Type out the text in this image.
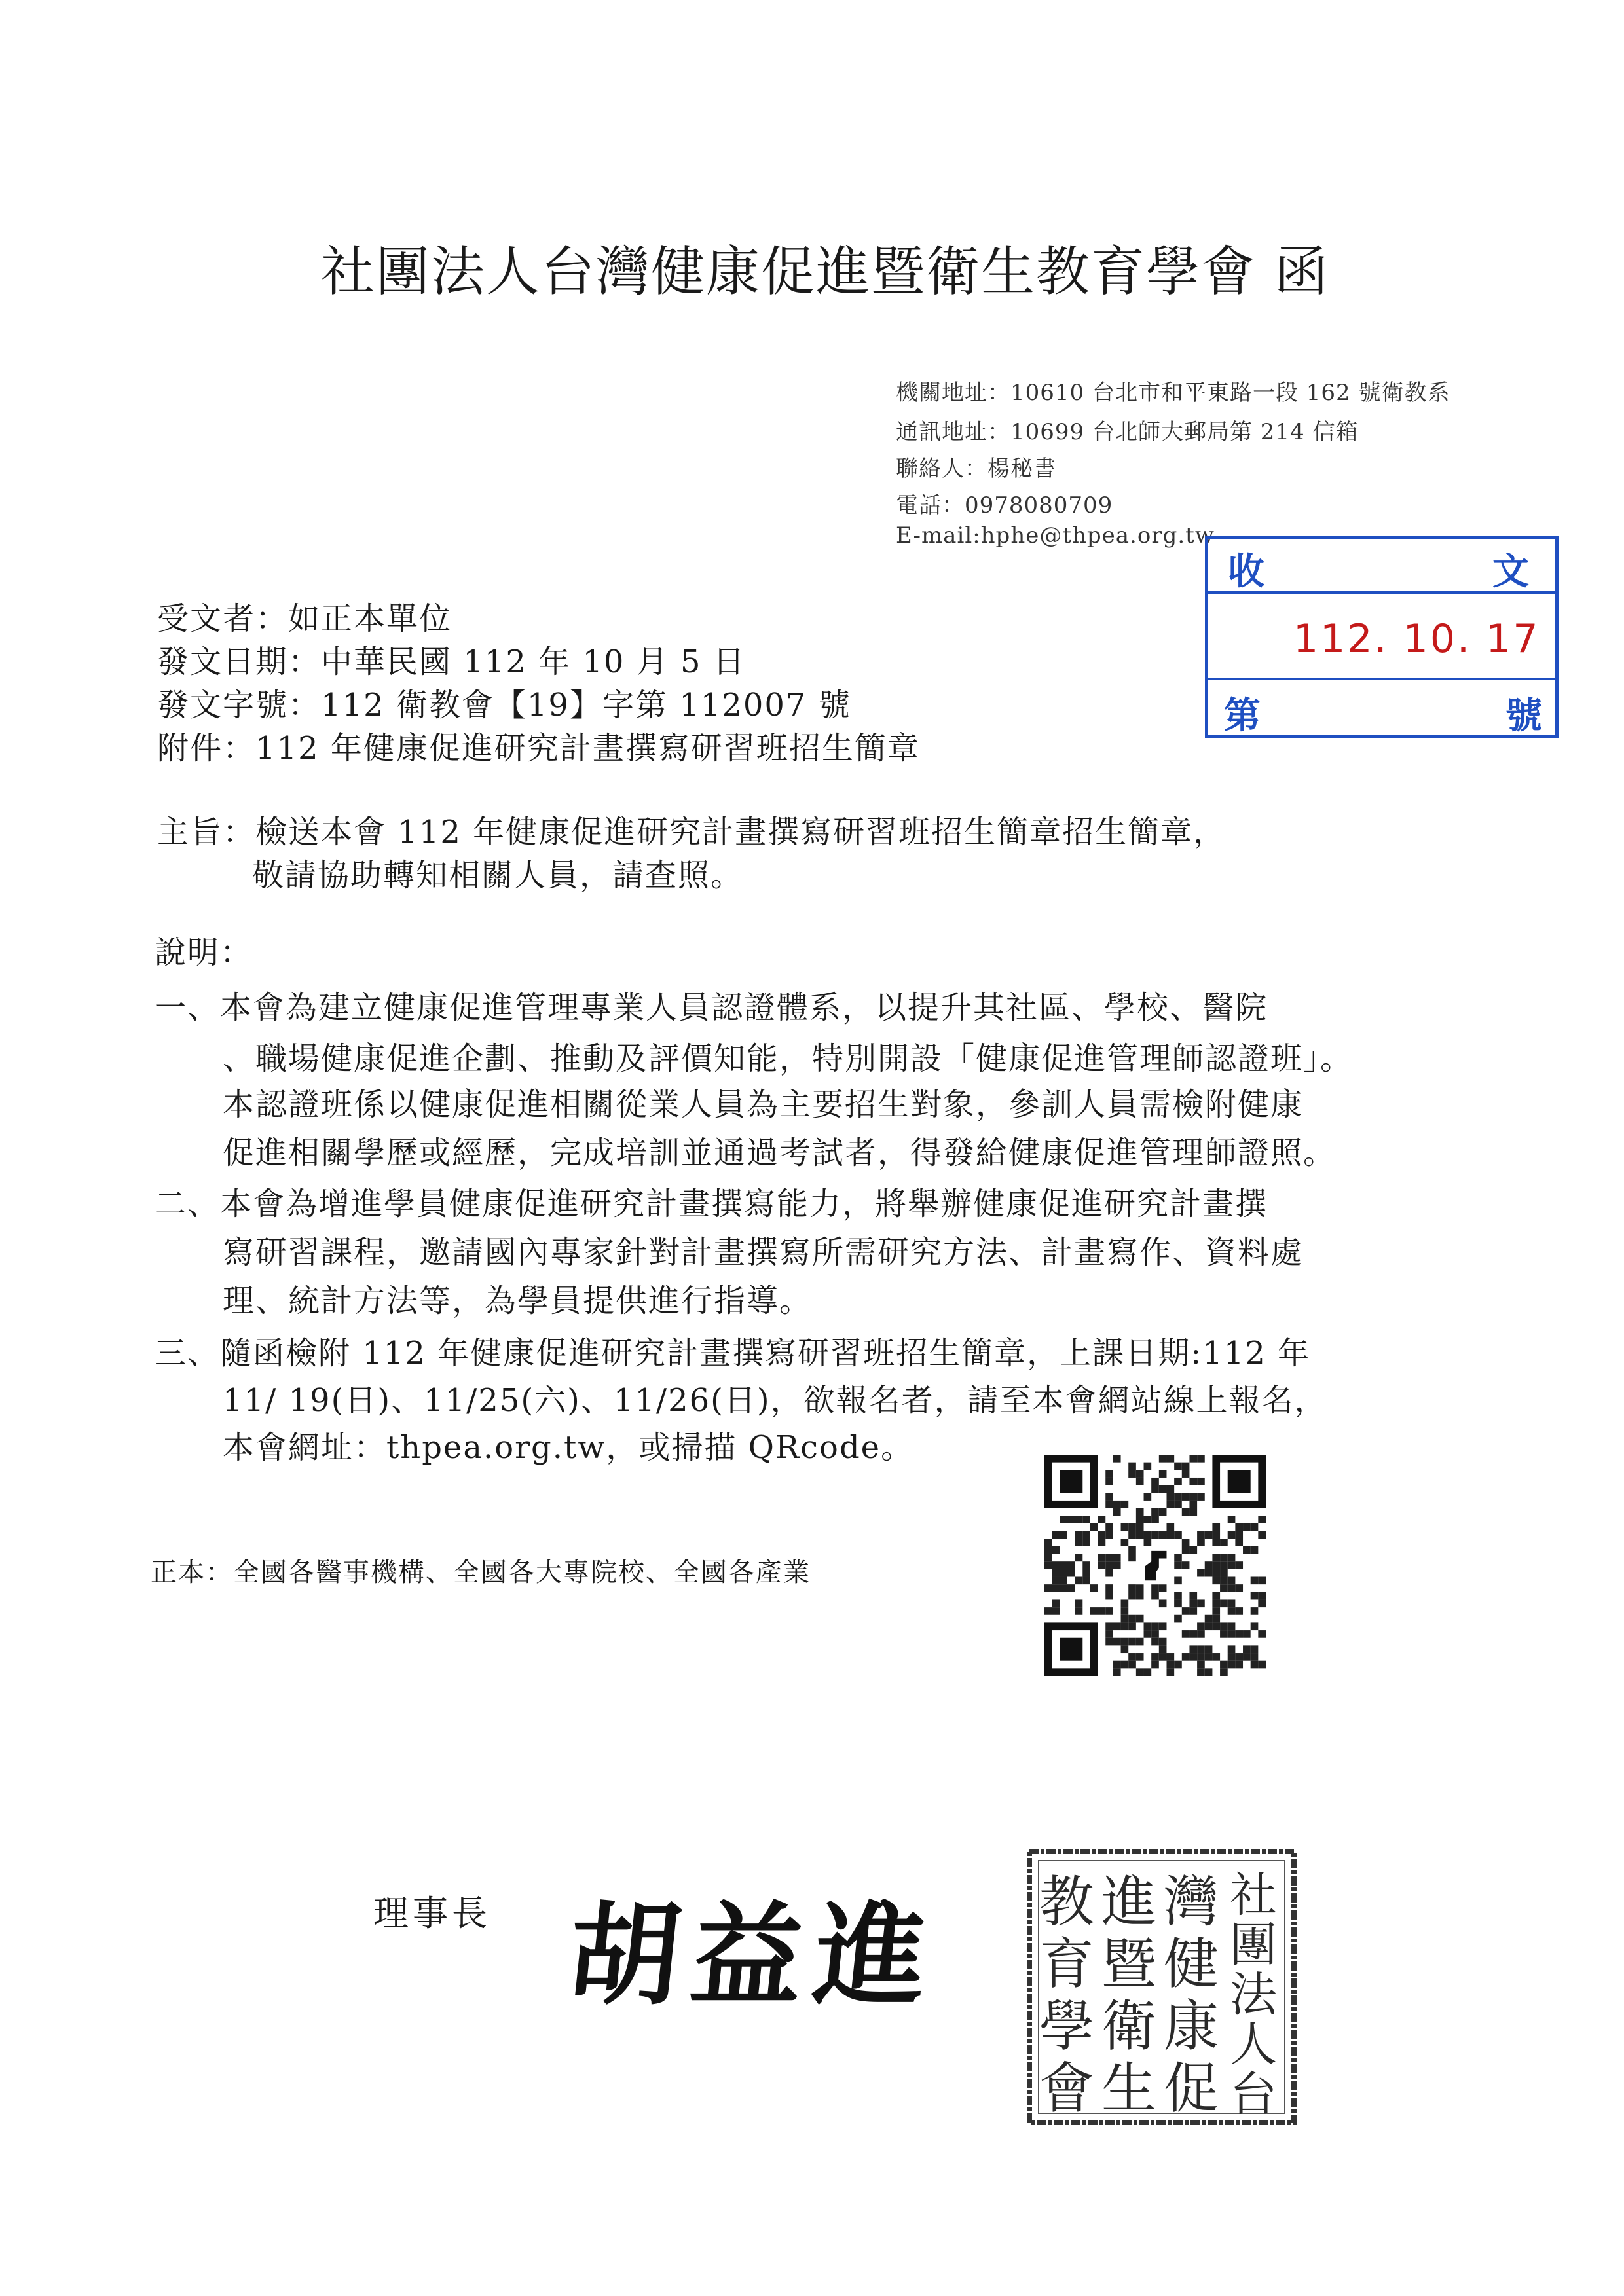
社團法人台灣健康促進暨衛生教育學會 函
機關地址：10610 台北市和平東路一段 162 號衛教系
通訊地址：10699 台北師大郵局第 214 信箱
聯絡人：楊秘書
電話：0978080709
E-mail:hphe@thpea.org.tw
收	文
112. 10. 17
第	號
受文者：如正本單位
發文日期：中華民國 112 年 10 月 5 日
發文字號：112 衛教會【19】字第 112007 號
附件：112 年健康促進研究計畫撰寫研習班招生簡章
主旨：檢送本會 112 年健康促進研究計畫撰寫研習班招生簡章招生簡章，
敬請協助轉知相關人員，請查照。
說明：
一、本會為建立健康促進管理專業人員認證體系，以提升其社區、學校、醫院
、職場健康促進企劃、推動及評價知能，特別開設「健康促進管理師認證班」。
本認證班係以健康促進相關從業人員為主要招生對象，參訓人員需檢附健康
促進相關學歷或經歷，完成培訓並通過考試者，得發給健康促進管理師證照。
二、本會為增進學員健康促進研究計畫撰寫能力，將舉辦健康促進研究計畫撰
寫研習課程，邀請國內專家針對計畫撰寫所需研究方法、計畫寫作、資料處
理、統計方法等，為學員提供進行指導。
三、隨函檢附 112 年健康促進研究計畫撰寫研習班招生簡章，上課日期:112 年
11/ 19(日)、11/25(六)、11/26(日)，欲報名者，請至本會網站線上報名，
本會網址：thpea.org.tw，或掃描 QRcode。
正本：全國各醫事機構、全國各大專院校、全國各產業
理事長 胡益進	社
團
法
人
台
灣
健
康
促
進
暨
衛
生
教
育
學
會
